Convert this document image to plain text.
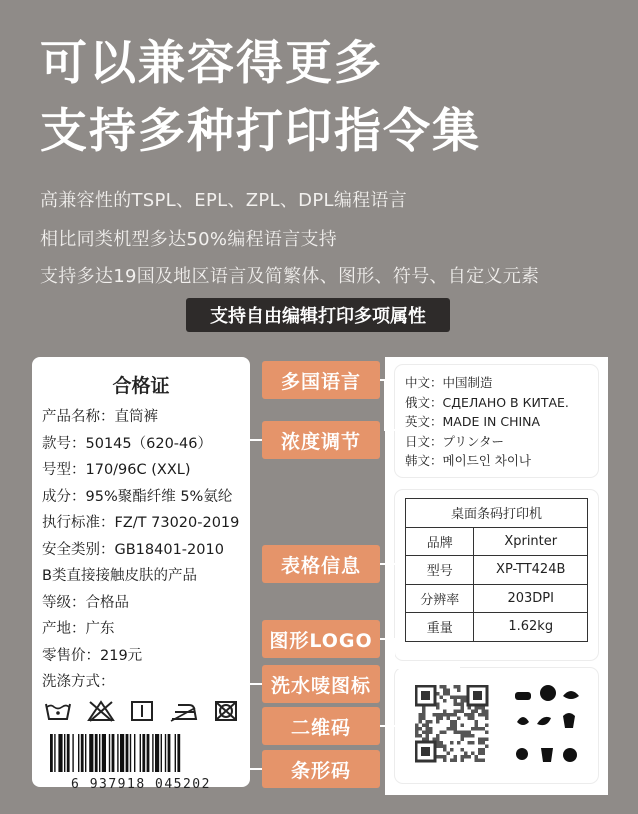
可以兼容得更多
支持多种打印指令集
高兼容性的TSPL、EPL、ZPL、DPL编程语言
相比同类机型多达50%编程语言支持
支持多达19国及地区语言及简繁体、图形、符号、自定义元素
支持自由编辑打印多项属性
合格证
产品名称：直筒裤
款号：50145（620-46）
号型：170/96C (XXL)
成分：95%聚酯纤维 5%氨纶
执行标准：FZ/T 73020-2019
安全类别：GB18401-2010
B类直接接触皮肤的产品
等级：合格品
产地：广东
零售价：219元
洗涤方式：
6 937918 045202
中文：中国制造
俄文：СДЕЛАНО В КИТАЕ.
英文：MADE IN CHINA
日文：プリンター
韩文：메이드인 차이나
桌面条码打印机	
品牌	Xprinter
型号	XP-TT424B
分辨率	203DPI
重量	1.62kg
多国语言
浓度调节
表格信息
图形LOGO
洗水唛图标
二维码
条形码
